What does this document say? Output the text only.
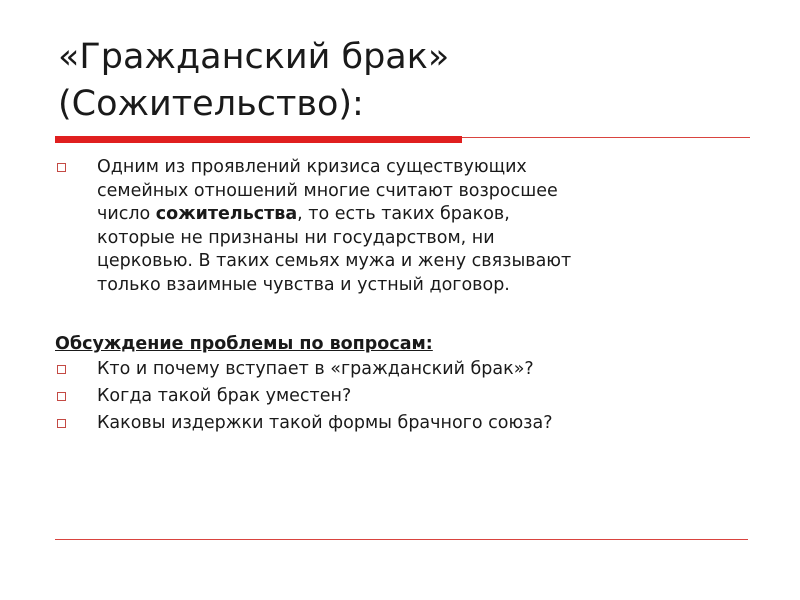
«Гражданский брак»
(Сожительство):
Одним из проявлений кризиса существующих
семейных отношений многие считают возросшее
число сожительства, то есть таких браков,
которые не признаны ни государством, ни
церковью. В таких семьях мужа и жену связывают
только взаимные чувства и устный договор.
Обсуждение проблемы по вопросам:
Кто и почему вступает в «гражданский брак»?
Когда такой брак уместен?
Каковы издержки такой формы брачного союза?
